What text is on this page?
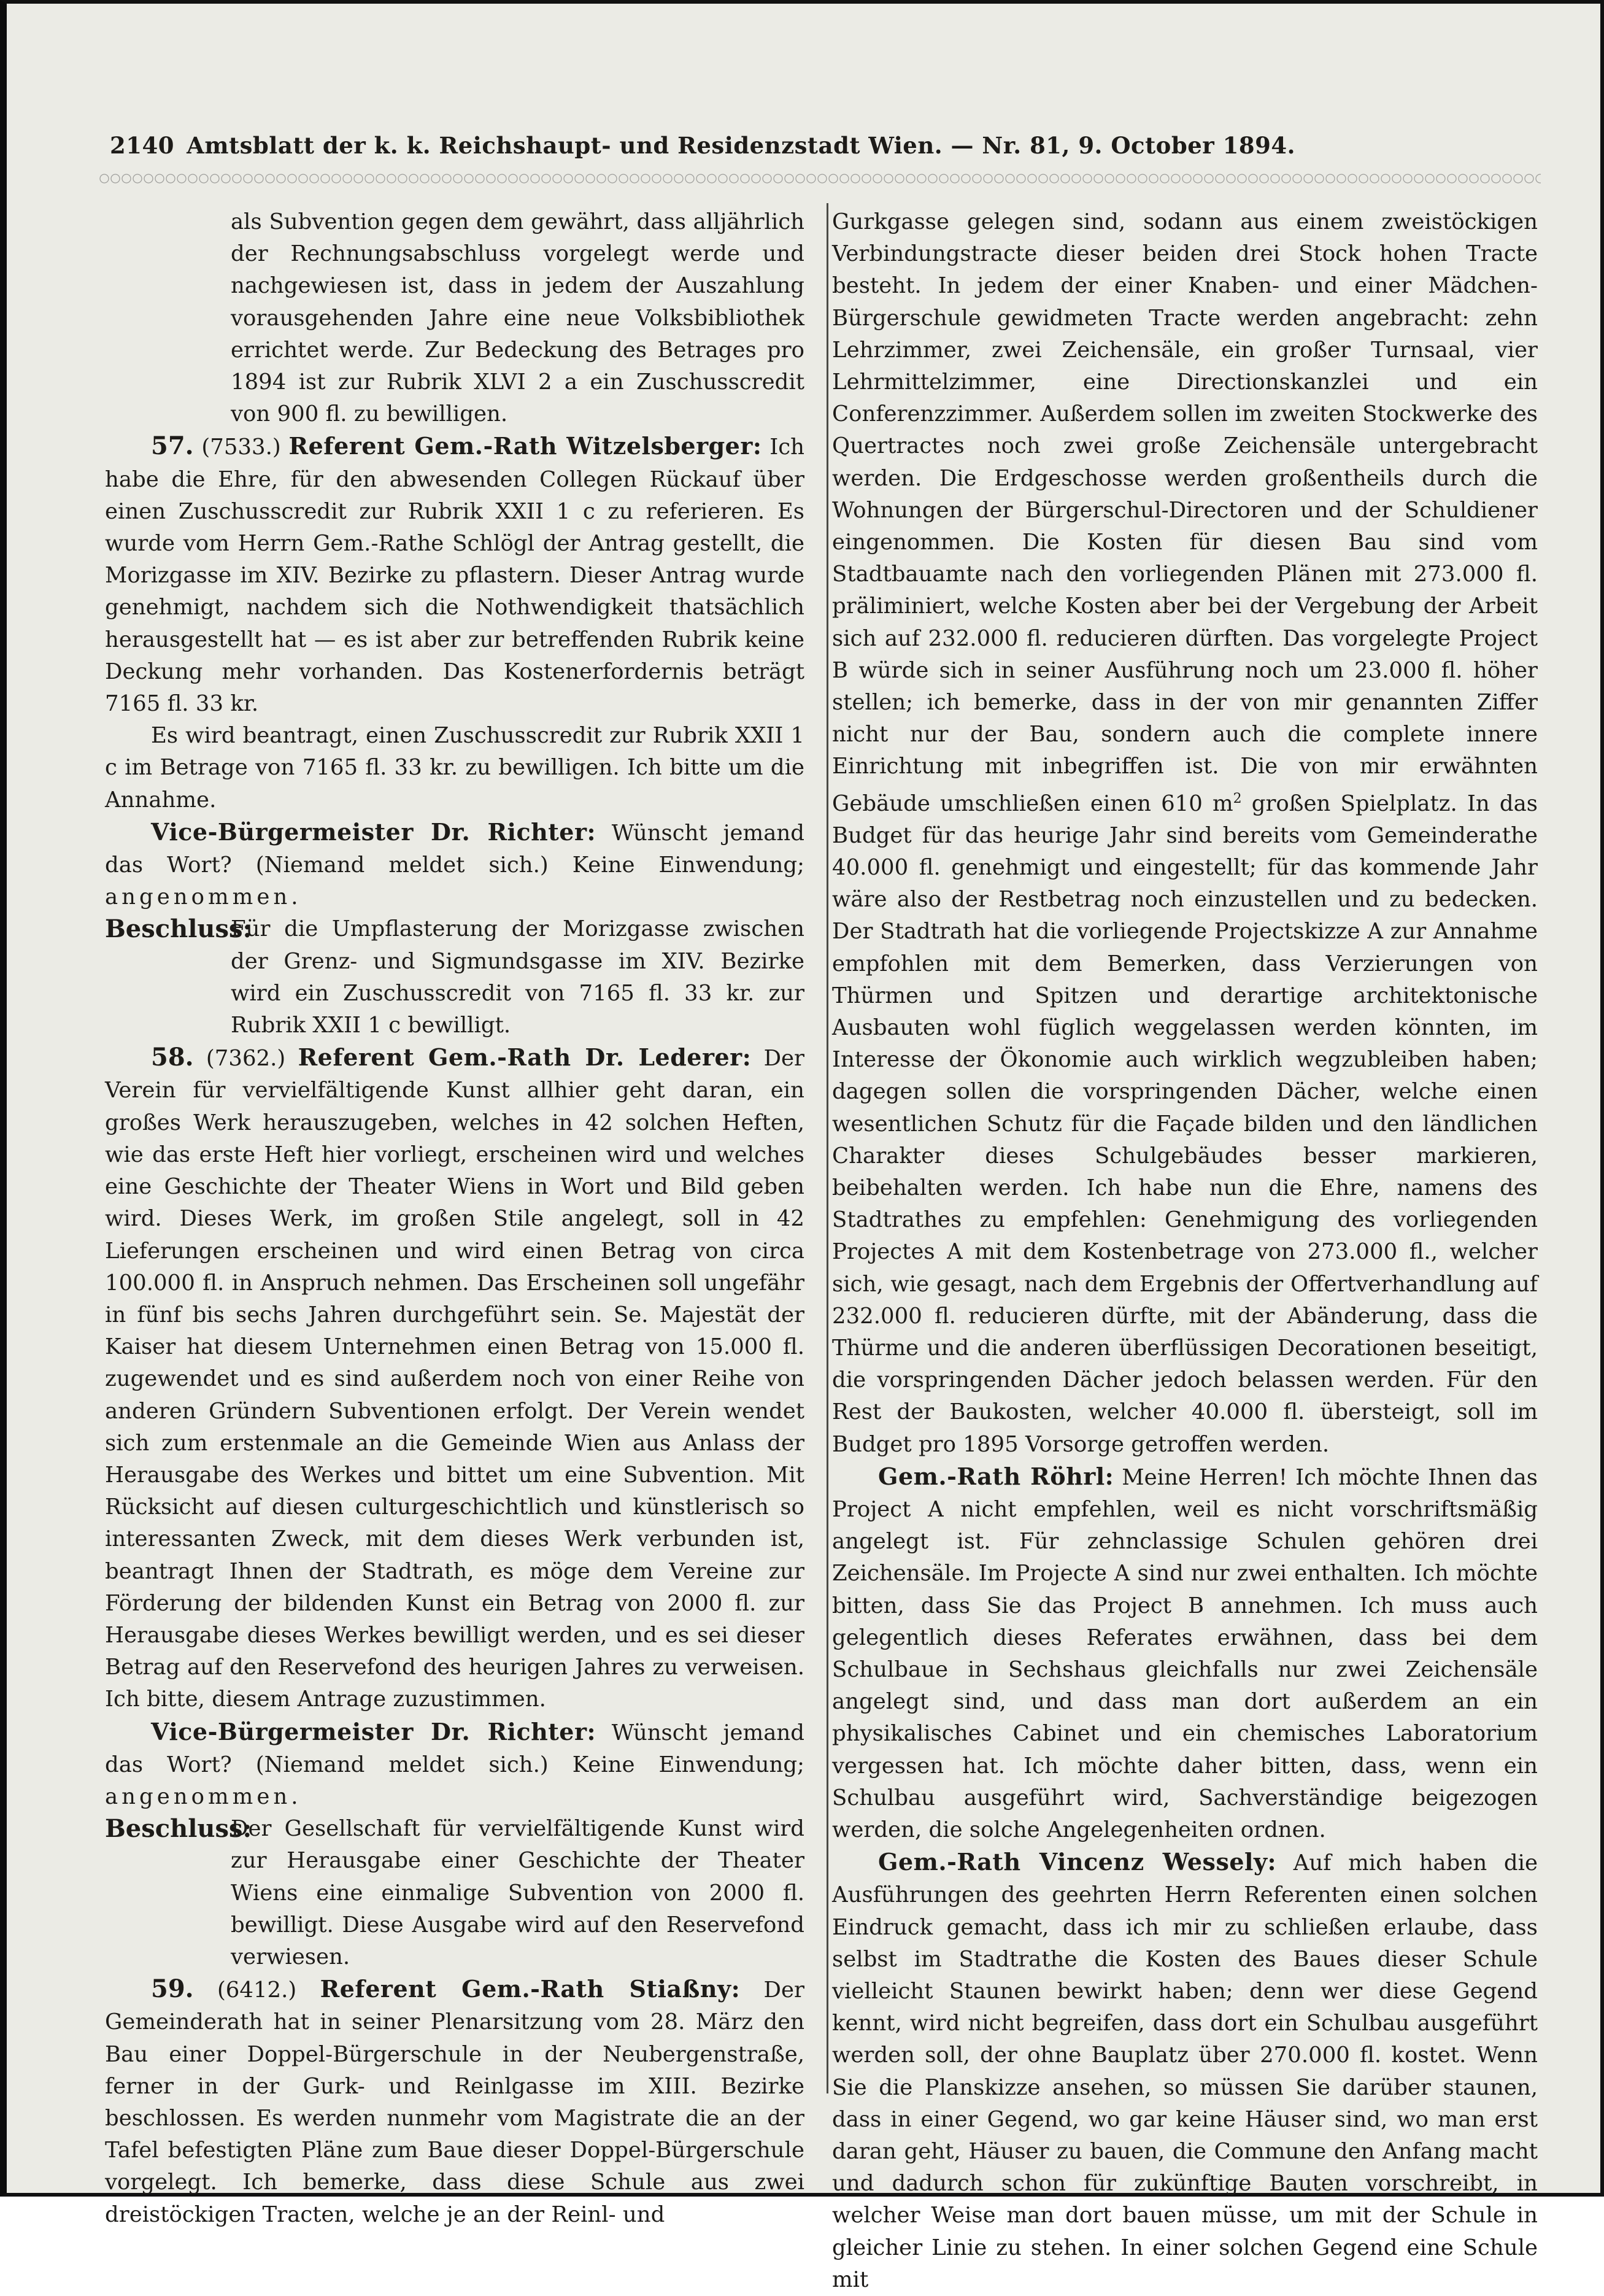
2140 Amtsblatt der k. k. Reichshaupt- und Residenzstadt Wien. — Nr. 81, 9. October 1894.

als Subvention gegen dem gewährt, dass alljährlich der Rechnungsabschluss vorgelegt werde und nachgewiesen ist, dass in jedem der Auszahlung vorausgehenden Jahre eine neue Volksbibliothek errichtet werde. Zur Bedeckung des Betrages pro 1894 ist zur Rubrik XLVI 2 a ein Zuschusscredit von 900 fl. zu bewilligen.

57. (7533.) Referent Gem.-Rath Witzelsberger: Ich habe die Ehre, für den abwesenden Collegen Rückauf über einen Zuschusscredit zur Rubrik XXII 1 c zu referieren. Es wurde vom Herrn Gem.-Rathe Schlögl der Antrag gestellt, die Morizgasse im XIV. Bezirke zu pflastern. Dieser Antrag wurde genehmigt, nachdem sich die Nothwendigkeit thatsächlich herausgestellt hat — es ist aber zur betreffenden Rubrik keine Deckung mehr vorhanden. Das Kostenerfordernis beträgt 7165 fl. 33 kr.

Es wird beantragt, einen Zuschusscredit zur Rubrik XXII 1 c im Betrage von 7165 fl. 33 kr. zu bewilligen. Ich bitte um die Annahme.

Vice-Bürgermeister Dr. Richter: Wünscht jemand das Wort? (Niemand meldet sich.) Keine Einwendung; angenommen.

Beschluss:
Für die Umpflasterung der Morizgasse zwischen der Grenz- und Sigmundsgasse im XIV. Bezirke wird ein Zuschusscredit von 7165 fl. 33 kr. zur Rubrik XXII 1 c bewilligt.

58. (7362.) Referent Gem.-Rath Dr. Lederer: Der Verein für vervielfältigende Kunst allhier geht daran, ein großes Werk herauszugeben, welches in 42 solchen Heften, wie das erste Heft hier vorliegt, erscheinen wird und welches eine Geschichte der Theater Wiens in Wort und Bild geben wird. Dieses Werk, im großen Stile angelegt, soll in 42 Lieferungen erscheinen und wird einen Betrag von circa 100.000 fl. in Anspruch nehmen. Das Erscheinen soll ungefähr in fünf bis sechs Jahren durchgeführt sein. Se. Majestät der Kaiser hat diesem Unternehmen einen Betrag von 15.000 fl. zugewendet und es sind außerdem noch von einer Reihe von anderen Gründern Subventionen erfolgt. Der Verein wendet sich zum erstenmale an die Gemeinde Wien aus Anlass der Herausgabe des Werkes und bittet um eine Subvention. Mit Rücksicht auf diesen culturgeschichtlich und künstlerisch so interessanten Zweck, mit dem dieses Werk verbunden ist, beantragt Ihnen der Stadtrath, es möge dem Vereine zur Förderung der bildenden Kunst ein Betrag von 2000 fl. zur Herausgabe dieses Werkes bewilligt werden, und es sei dieser Betrag auf den Reservefond des heurigen Jahres zu verweisen. Ich bitte, diesem Antrage zuzustimmen.

Vice-Bürgermeister Dr. Richter: Wünscht jemand das Wort? (Niemand meldet sich.) Keine Einwendung; angenommen.

Beschluss:
Der Gesellschaft für vervielfältigende Kunst wird zur Herausgabe einer Geschichte der Theater Wiens eine einmalige Subvention von 2000 fl. bewilligt. Diese Ausgabe wird auf den Reservefond verwiesen.

59. (6412.) Referent Gem.-Rath Stiaßny: Der Gemeinderath hat in seiner Plenarsitzung vom 28. März den Bau einer Doppel-Bürgerschule in der Neubergenstraße, ferner in der Gurk- und Reinlgasse im XIII. Bezirke beschlossen. Es werden nunmehr vom Magistrate die an der Tafel befestigten Pläne zum Baue dieser Doppel-Bürgerschule vorgelegt. Ich bemerke, dass diese Schule aus zwei dreistöckigen Tracten, welche je an der Reinl- und

Gurkgasse gelegen sind, sodann aus einem zweistöckigen Verbindungstracte dieser beiden drei Stock hohen Tracte besteht. In jedem der einer Knaben- und einer Mädchen-Bürgerschule gewidmeten Tracte werden angebracht: zehn Lehrzimmer, zwei Zeichensäle, ein großer Turnsaal, vier Lehrmittelzimmer, eine Directionskanzlei und ein Conferenzzimmer. Außerdem sollen im zweiten Stockwerke des Quertractes noch zwei große Zeichensäle untergebracht werden. Die Erdgeschosse werden großentheils durch die Wohnungen der Bürgerschul-Directoren und der Schuldiener eingenommen. Die Kosten für diesen Bau sind vom Stadtbauamte nach den vorliegenden Plänen mit 273.000 fl. präliminiert, welche Kosten aber bei der Vergebung der Arbeit sich auf 232.000 fl. reducieren dürften. Das vorgelegte Project B würde sich in seiner Ausführung noch um 23.000 fl. höher stellen; ich bemerke, dass in der von mir genannten Ziffer nicht nur der Bau, sondern auch die complete innere Einrichtung mit inbegriffen ist. Die von mir erwähnten Gebäude umschließen einen 610 $m^2$ großen Spielplatz. In das Budget für das heurige Jahr sind bereits vom Gemeinderathe 40.000 fl. genehmigt und eingestellt; für das kommende Jahr wäre also der Restbetrag noch einzustellen und zu bedecken. Der Stadtrath hat die vorliegende Projectskizze A zur Annahme empfohlen mit dem Bemerken, dass Verzierungen von Thürmen und Spitzen und derartige architektonische Ausbauten wohl füglich weggelassen werden könnten, im Interesse der Ökonomie auch wirklich wegzubleiben haben; dagegen sollen die vorspringenden Dächer, welche einen wesentlichen Schutz für die Façade bilden und den ländlichen Charakter dieses Schulgebäudes besser markieren, beibehalten werden. Ich habe nun die Ehre, namens des Stadtrathes zu empfehlen: Genehmigung des vorliegenden Projectes A mit dem Kostenbetrage von 273.000 fl., welcher sich, wie gesagt, nach dem Ergebnis der Offertverhandlung auf 232.000 fl. reducieren dürfte, mit der Abänderung, dass die Thürme und die anderen überflüssigen Decorationen beseitigt, die vorspringenden Dächer jedoch belassen werden. Für den Rest der Baukosten, welcher 40.000 fl. übersteigt, soll im Budget pro 1895 Vorsorge getroffen werden.

Gem.-Rath Röhrl: Meine Herren! Ich möchte Ihnen das Project A nicht empfehlen, weil es nicht vorschriftsmäßig angelegt ist. Für zehnclassige Schulen gehören drei Zeichensäle. Im Projecte A sind nur zwei enthalten. Ich möchte bitten, dass Sie das Project B annehmen. Ich muss auch gelegentlich dieses Referates erwähnen, dass bei dem Schulbaue in Sechshaus gleichfalls nur zwei Zeichensäle angelegt sind, und dass man dort außerdem an ein physikalisches Cabinet und ein chemisches Laboratorium vergessen hat. Ich möchte daher bitten, dass, wenn ein Schulbau ausgeführt wird, Sachverständige beigezogen werden, die solche Angelegenheiten ordnen.

Gem.-Rath Vincenz Wessely: Auf mich haben die Ausführungen des geehrten Herrn Referenten einen solchen Eindruck gemacht, dass ich mir zu schließen erlaube, dass selbst im Stadtrathe die Kosten des Baues dieser Schule vielleicht Staunen bewirkt haben; denn wer diese Gegend kennt, wird nicht begreifen, dass dort ein Schulbau ausgeführt werden soll, der ohne Bauplatz über 270.000 fl. kostet. Wenn Sie die Planskizze ansehen, so müssen Sie darüber staunen, dass in einer Gegend, wo gar keine Häuser sind, wo man erst daran geht, Häuser zu bauen, die Commune den Anfang macht und dadurch schon für zukünftige Bauten vorschreibt, in welcher Weise man dort bauen müsse, um mit der Schule in gleicher Linie zu stehen. In einer solchen Gegend eine Schule mit
